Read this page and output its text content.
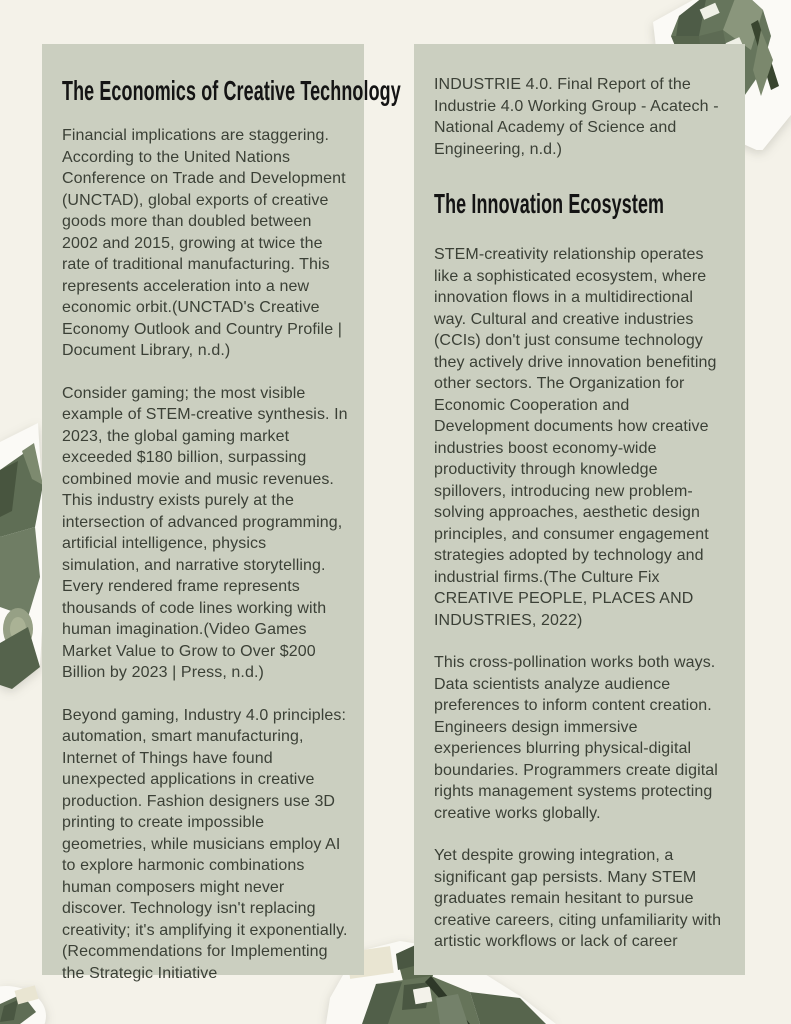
The Economics of Creative Technology

Financial implications are staggering. According to the United Nations Conference on Trade and Development (UNCTAD), global exports of creative goods more than doubled between 2002 and 2015, growing at twice the rate of traditional manufacturing. This represents acceleration into a new economic orbit.(UNCTAD's Creative Economy Outlook and Country Profile | Document Library, n.d.)

Consider gaming; the most visible example of STEM-creative synthesis. In 2023, the global gaming market exceeded $180 billion, surpassing combined movie and music revenues. This industry exists purely at the intersection of advanced programming, artificial intelligence, physics simulation, and narrative storytelling. Every rendered frame represents thousands of code lines working with human imagination.(Video Games Market Value to Grow to Over $200 Billion by 2023 | Press, n.d.)

Beyond gaming, Industry 4.0 principles: automation, smart manufacturing, Internet of Things have found unexpected applications in creative production. Fashion designers use 3D printing to create impossible geometries, while musicians employ AI to explore harmonic combinations human composers might never discover. Technology isn't replacing creativity; it's amplifying it exponentially.(Recommendations for Implementing the Strategic Initiative

INDUSTRIE 4.0. Final Report of the Industrie 4.0 Working Group - Acatech - National Academy of Science and Engineering, n.d.)

The Innovation Ecosystem

STEM-creativity relationship operates like a sophisticated ecosystem, where innovation flows in a multidirectional way. Cultural and creative industries (CCIs) don't just consume technology they actively drive innovation benefiting other sectors. The Organization for Economic Cooperation and Development documents how creative industries boost economy-wide productivity through knowledge spillovers, introducing new problem-solving approaches, aesthetic design principles, and consumer engagement strategies adopted by technology and industrial firms.(The Culture Fix CREATIVE PEOPLE, PLACES AND INDUSTRIES, 2022)

This cross-pollination works both ways. Data scientists analyze audience preferences to inform content creation. Engineers design immersive experiences blurring physical-digital boundaries. Programmers create digital rights management systems protecting creative works globally.

Yet despite growing integration, a significant gap persists. Many STEM graduates remain hesitant to pursue creative careers, citing unfamiliarity with artistic workflows or lack of career
